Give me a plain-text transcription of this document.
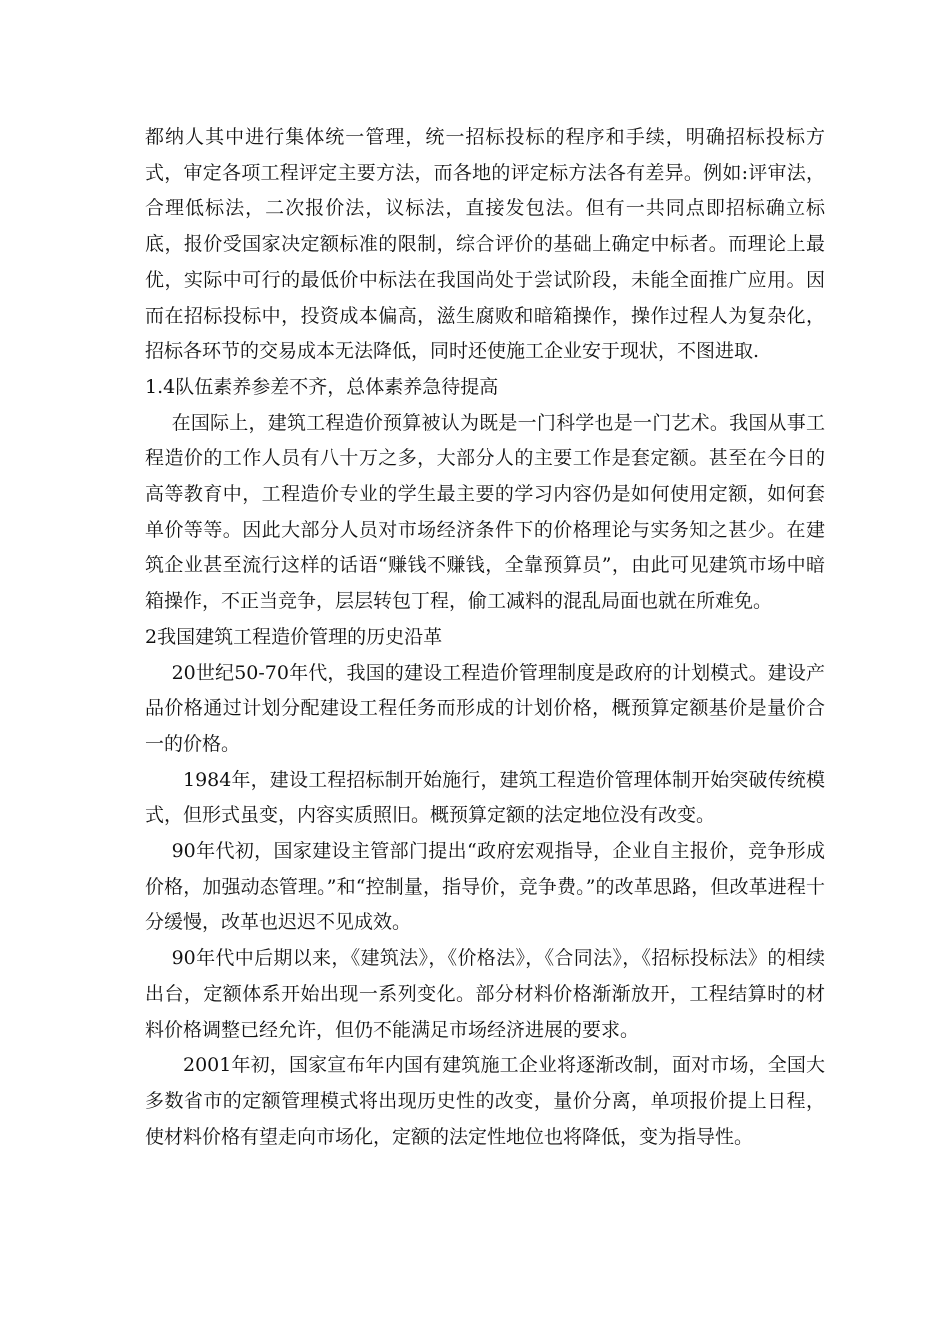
都纳人其中进行集体统一管理，统一招标投标的程序和手续，明确招标投标方式，审定各项工程评定主要方法，而各地的评定标方法各有差异。例如:评审法，合理低标法，二次报价法，议标法，直接发包法。但有一共同点即招标确立标底，报价受国家决定额标准的限制，综合评价的基础上确定中标者。而理论上最优，实际中可行的最低价中标法在我国尚处于尝试阶段，未能全面推广应用。因而在招标投标中，投资成本偏高，滋生腐败和暗箱操作，操作过程人为复杂化，招标各环节的交易成本无法降低，同时还使施工企业安于现状，不图进取.

1.4队伍素养参差不齐，总体素养急待提高

在国际上，建筑工程造价预算被认为既是一门科学也是一门艺术。我国从事工程造价的工作人员有八十万之多，大部分人的主要工作是套定额。甚至在今日的高等教育中，工程造价专业的学生最主要的学习内容仍是如何使用定额，如何套单价等等。因此大部分人员对市场经济条件下的价格理论与实务知之甚少。在建筑企业甚至流行这样的话语“赚钱不赚钱，全靠预算员”，由此可见建筑市场中暗箱操作，不正当竞争，层层转包丁程，偷工减料的混乱局面也就在所难免。

2我国建筑工程造价管理的历史沿革

20世纪50-70年代，我国的建设工程造价管理制度是政府的计划模式。建设产品价格通过计划分配建设工程任务而形成的计划价格，概预算定额基价是量价合一的价格。

1984年，建设工程招标制开始施行，建筑工程造价管理体制开始突破传统模式，但形式虽变，内容实质照旧。概预算定额的法定地位没有改变。

90年代初，国家建设主管部门提出“政府宏观指导，企业自主报价，竞争形成价格，加强动态管理。”和“控制量，指导价，竞争费。”的改革思路，但改革进程十分缓慢，改革也迟迟不见成效。

90年代中后期以来，《建筑法》，《价格法》，《合同法》，《招标投标法》的相续出台，定额体系开始出现一系列变化。部分材料价格渐渐放开，工程结算时的材料价格调整已经允许，但仍不能满足市场经济进展的要求。

2001年初，国家宣布年内国有建筑施工企业将逐渐改制，面对市场，全国大多数省市的定额管理模式将出现历史性的改变，量价分离，单项报价提上日程，使材料价格有望走向市场化，定额的法定性地位也将降低，变为指导性。
